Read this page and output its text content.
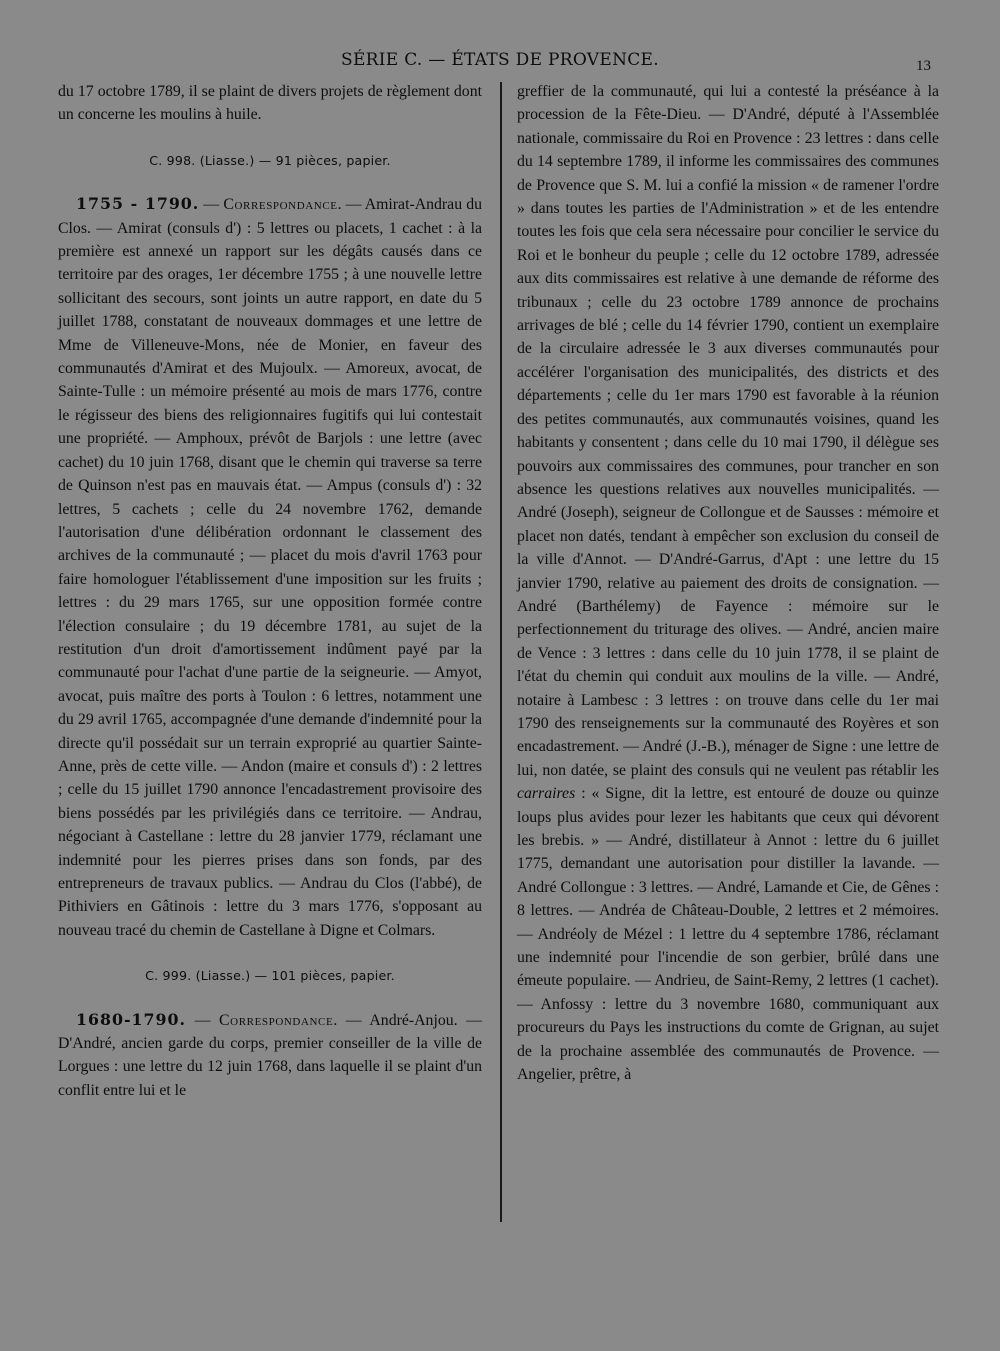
SÉRIE C. — ÉTATS DE PROVENCE.	13

du 17 octobre 1789, il se plaint de divers projets de règlement dont un concerne les moulins à huile.

C. 998. (Liasse.) — 91 pièces, papier.

1755 - 1790. — Correspondance. — Amirat-Andrau du Clos. — Amirat (consuls d') : 5 lettres ou placets, 1 cachet : à la première est annexé un rapport sur les dégâts causés dans ce territoire par des orages, 1er décembre 1755 ; à une nouvelle lettre sollicitant des secours, sont joints un autre rapport, en date du 5 juillet 1788, constatant de nouveaux dommages et une lettre de Mme de Villeneuve-Mons, née de Monier, en faveur des communautés d'Amirat et des Mujoulx. — Amoreux, avocat, de Sainte-Tulle : un mémoire présenté au mois de mars 1776, contre le régisseur des biens des religionnaires fugitifs qui lui contestait une propriété. — Amphoux, prévôt de Barjols : une lettre (avec cachet) du 10 juin 1768, disant que le chemin qui traverse sa terre de Quinson n'est pas en mauvais état. — Ampus (consuls d') : 32 lettres, 5 cachets ; celle du 24 novembre 1762, demande l'autorisation d'une délibération ordonnant le classement des archives de la communauté ; — placet du mois d'avril 1763 pour faire homologuer l'établissement d'une imposition sur les fruits ; lettres : du 29 mars 1765, sur une opposition formée contre l'élection consulaire ; du 19 décembre 1781, au sujet de la restitution d'un droit d'amortissement indûment payé par la communauté pour l'achat d'une partie de la seigneurie. — Amyot, avocat, puis maître des ports à Toulon : 6 lettres, notamment une du 29 avril 1765, accompagnée d'une demande d'indemnité pour la directe qu'il possédait sur un terrain exproprié au quartier Sainte-Anne, près de cette ville. — Andon (maire et consuls d') : 2 lettres ; celle du 15 juillet 1790 annonce l'encadastrement provisoire des biens possédés par les privilégiés dans ce territoire. — Andrau, négociant à Castellane : lettre du 28 janvier 1779, réclamant une indemnité pour les pierres prises dans son fonds, par des entrepreneurs de travaux publics. — Andrau du Clos (l'abbé), de Pithiviers en Gâtinois : lettre du 3 mars 1776, s'opposant au nouveau tracé du chemin de Castellane à Digne et Colmars.

C. 999. (Liasse.) — 101 pièces, papier.

1680-1790. — Correspondance. — André-Anjou. — D'André, ancien garde du corps, premier conseiller de la ville de Lorgues : une lettre du 12 juin 1768, dans laquelle il se plaint d'un conflit entre lui et le

greffier de la communauté, qui lui a contesté la préséance à la procession de la Fête-Dieu. — D'André, député à l'Assemblée nationale, commissaire du Roi en Provence : 23 lettres : dans celle du 14 septembre 1789, il informe les commissaires des communes de Provence que S. M. lui a confié la mission « de ramener l'ordre » dans toutes les parties de l'Administration » et de les entendre toutes les fois que cela sera nécessaire pour concilier le service du Roi et le bonheur du peuple ; celle du 12 octobre 1789, adressée aux dits commissaires est relative à une demande de réforme des tribunaux ; celle du 23 octobre 1789 annonce de prochains arrivages de blé ; celle du 14 février 1790, contient un exemplaire de la circulaire adressée le 3 aux diverses communautés pour accélérer l'organisation des municipalités, des districts et des départements ; celle du 1er mars 1790 est favorable à la réunion des petites communautés, aux communautés voisines, quand les habitants y consentent ; dans celle du 10 mai 1790, il délègue ses pouvoirs aux commissaires des communes, pour trancher en son absence les questions relatives aux nouvelles municipalités. — André (Joseph), seigneur de Collongue et de Sausses : mémoire et placet non datés, tendant à empêcher son exclusion du conseil de la ville d'Annot. — D'André-Garrus, d'Apt : une lettre du 15 janvier 1790, relative au paiement des droits de consignation. — André (Barthélemy) de Fayence : mémoire sur le perfectionnement du triturage des olives. — André, ancien maire de Vence : 3 lettres : dans celle du 10 juin 1778, il se plaint de l'état du chemin qui conduit aux moulins de la ville. — André, notaire à Lambesc : 3 lettres : on trouve dans celle du 1er mai 1790 des renseignements sur la communauté des Royères et son encadastrement. — André (J.-B.), ménager de Signe : une lettre de lui, non datée, se plaint des consuls qui ne veulent pas rétablir les carraires : « Signe, dit la lettre, est entouré de douze ou quinze loups plus avides pour lezer les habitants que ceux qui dévorent les brebis. » — André, distillateur à Annot : lettre du 6 juillet 1775, demandant une autorisation pour distiller la lavande. — André Collongue : 3 lettres. — André, Lamande et Cie, de Gênes : 8 lettres. — Andréa de Château-Double, 2 lettres et 2 mémoires. — Andréoly de Mézel : 1 lettre du 4 septembre 1786, réclamant une indemnité pour l'incendie de son gerbier, brûlé dans une émeute populaire. — Andrieu, de Saint-Remy, 2 lettres (1 cachet). — Anfossy : lettre du 3 novembre 1680, communiquant aux procureurs du Pays les instructions du comte de Grignan, au sujet de la prochaine assemblée des communautés de Provence. — Angelier, prêtre, à
